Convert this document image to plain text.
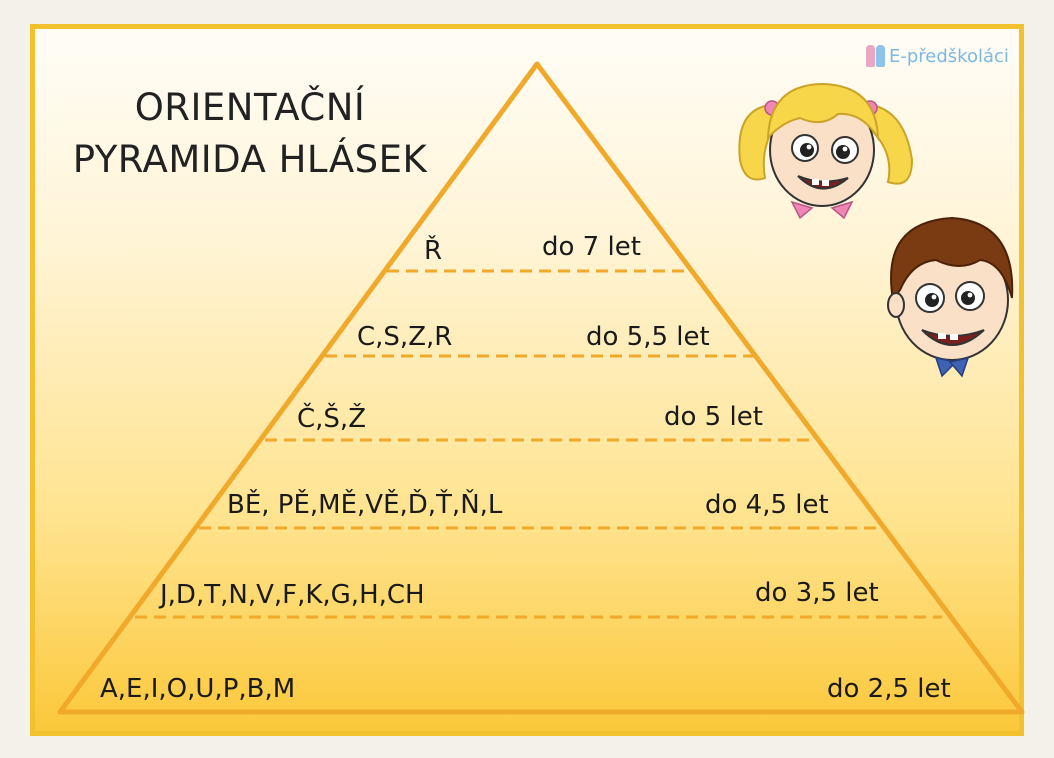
ORIENTAČNÍ
PYRAMIDA HLÁSEK
E-předškoláci
Ř	do 7 let
C,S,Z,R	do 5,5 let
Č,Š,Ž	do 5 let
BĚ, PĚ,MĚ,VĚ,Ď,Ť,Ň,L	do 4,5 let
J,D,T,N,V,F,K,G,H,CH	do 3,5 let
A,E,I,O,U,P,B,M	do 2,5 let
